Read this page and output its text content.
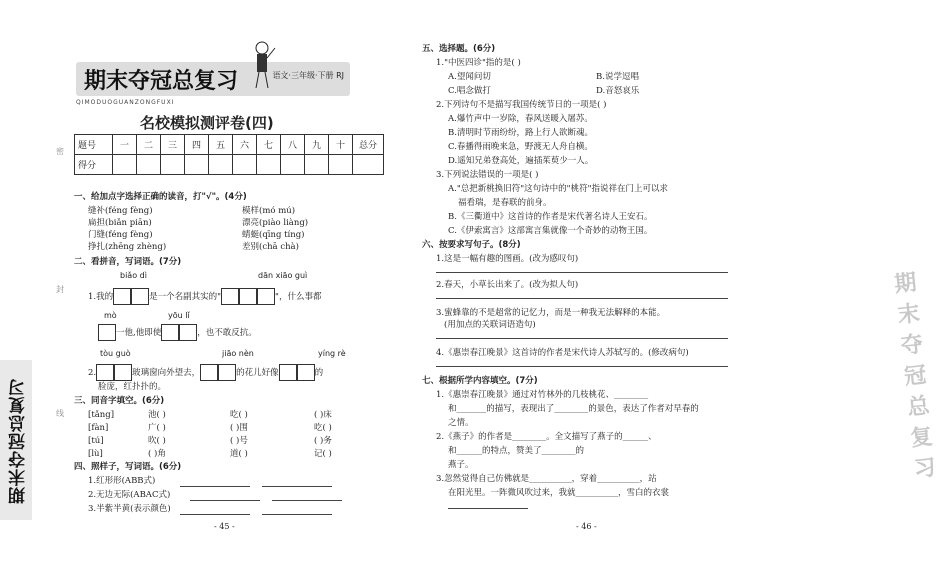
密
封
线
期末夺冠总复习
期末夺冠总复习	语文·三年级·下册 RJ
QIMODUOGUANZONGFUXI
名校模拟测评卷(四)
题号	一	二	三	四	五	六	七	八	九	十	总分
得分											
一、给加点字选择正确的读音，打"√"。(4分)
缝补(féng fèng)	模样(mó mú)
扁担(biǎn piān)	漂亮(piào liàng)
门缝(féng fèng)	蜻蜓(qīng tíng)
挣扎(zhēng zhèng)	差别(chā chà)
二、看拼音，写词语。(7分)
biǎo dì	dān xiāo guì
1.我的	是一个名副其实的"	"，什么事都
mò	yōu lǐ
一他,他即使	，也不敢反抗。
tòu guò	jiāo nèn	yíng rè
2.	玻璃窗向外望去，	的花儿好像	的
脸庞，红扑扑的。
三、同音字填空。(6分)
[tǎng]	池( )	吃( )	( )床
[fàn]	广( )	( )围	吃( )
[tú]	吹( )	( )号	( )务
[lù]	( )角	道( )	记( )
四、照样子，写词语。(6分)
1.红形形(ABB式)
2.无边无际(ABAC式)
3.半紫半黄(表示颜色)
- 45 -
五、选择题。(6分)
1."中医四诊"指的是( )
A.望闻问切	B.说学逗唱
C.唱念做打	D.音怒哀乐
2.下列诗句不是描写我国传统节日的一项是( )
A.爆竹声中一岁除，春风送暖入屠苏。
B.清明时节雨纷纷，路上行人欲断魂。
C.春播得雨晚来急，野渡无人舟自横。
D.遥知兄弟登高处，遍插茱萸少一人。
3.下列说法错误的一项是( )
A."总把新桃换旧符"这句诗中的"桃符"指说祥在门上可以求
福看瑞，是春联的前身。
B.《三衢道中》这首诗的作者是宋代著名诗人王安石。
C.《伊索寓言》这部寓言集就像一个奇妙的动物王国。
六、按要求写句子。(8分)
1.这是一幅有趣的图画。(改为感叹句)
2.春天，小草长出来了。(改为拟人句)
3.蜜蜂靠的不是超常的记忆力，而是一种我无法解释的本能。
(用加点的关联词语造句)
4.《惠崇春江晚景》这首诗的作者是宋代诗人苏轼写的。(修改病句)
七、根据所学内容填空。(7分)
1.《惠崇春江晚景》通过对竹林外的几枝桃花、________
和_______的描写，表现出了________的景色，表达了作者对早春的
之情。
2.《燕子》的作者是________。全文描写了燕子的______、
和______的特点，赞美了________的
燕子。
3.忽然觉得自己仿佛就是__________，穿着__________，站
在阳光里。一阵微风吹过来，我就__________，雪白的衣裳
期末夺冠总复习
- 46 -
